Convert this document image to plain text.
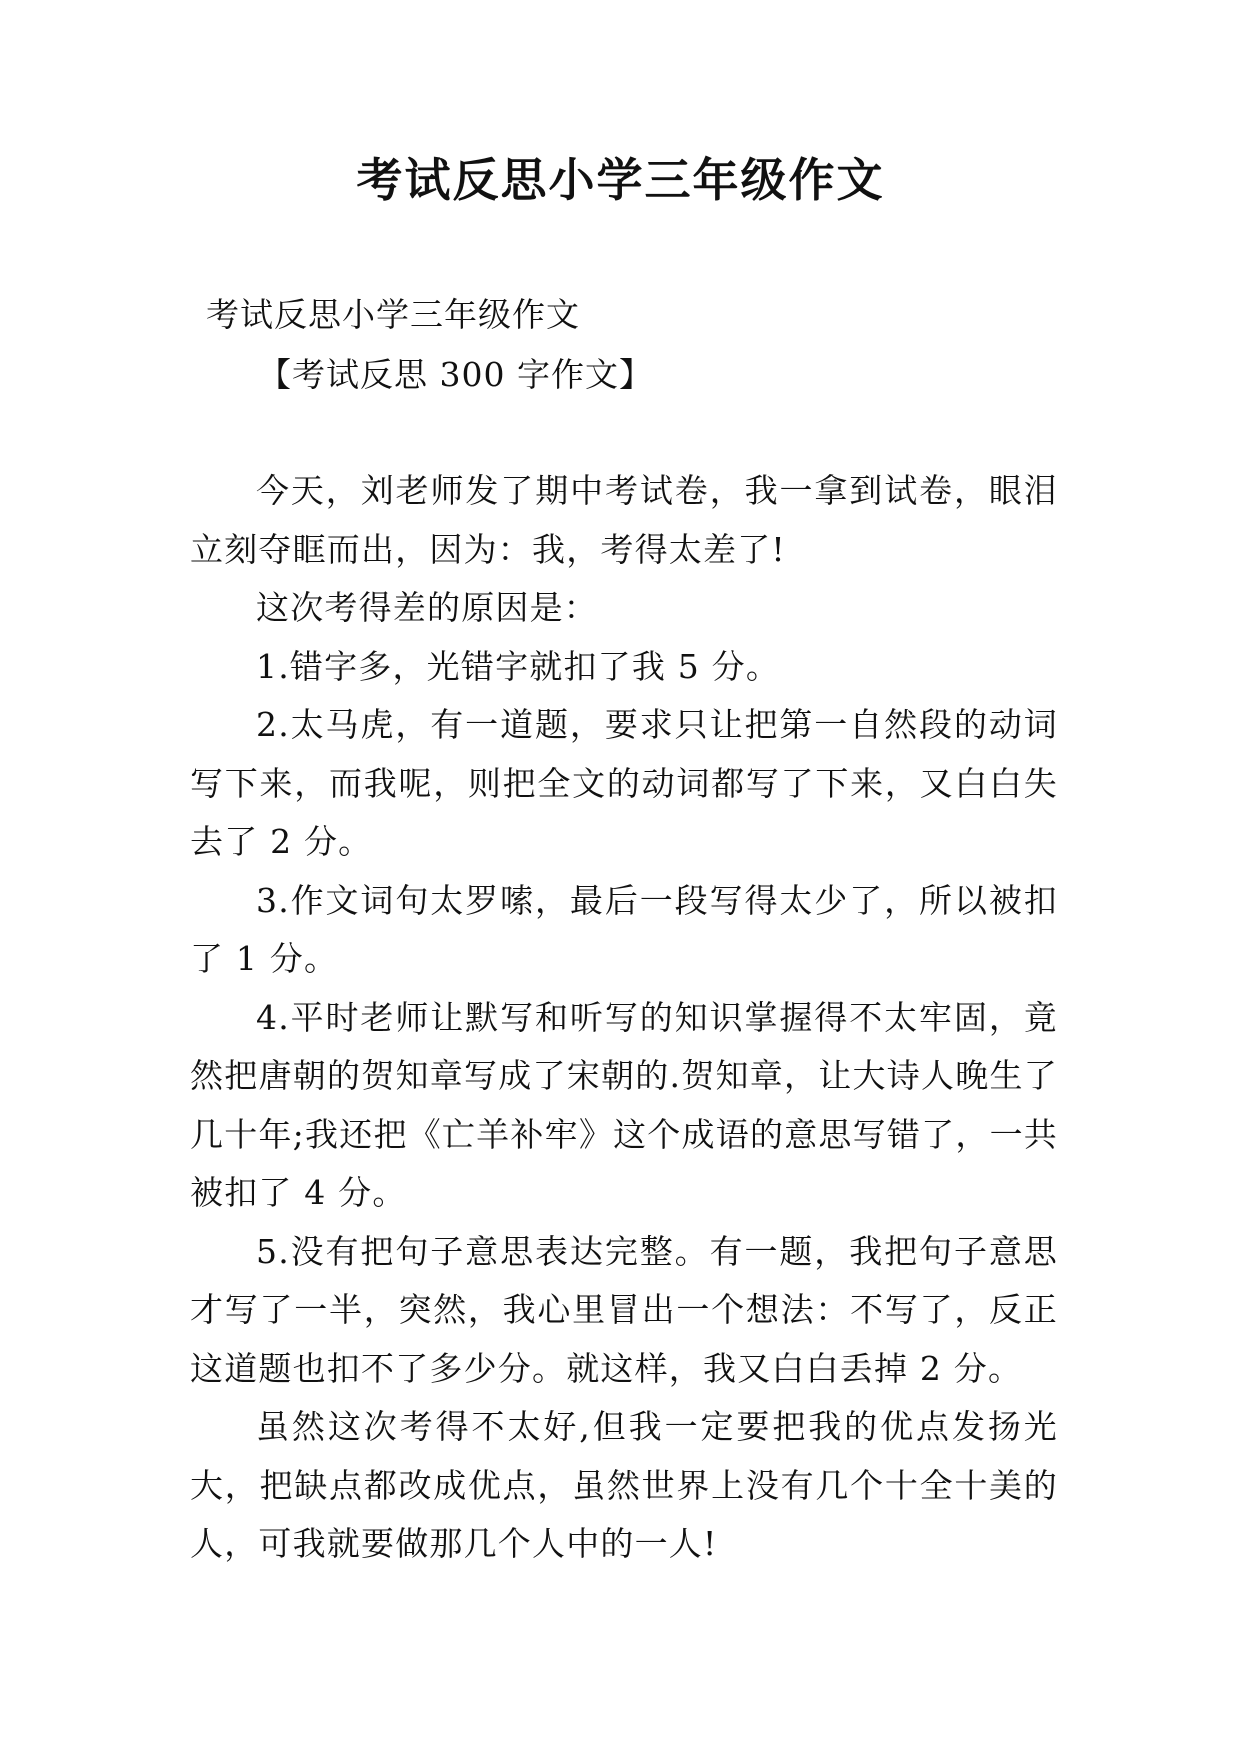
考试反思小学三年级作文

考试反思小学三年级作文

【考试反思 300 字作文】

今天，刘老师发了期中考试卷，我一拿到试卷，眼泪立刻夺眶而出，因为：我，考得太差了!

这次考得差的原因是：

1.错字多，光错字就扣了我 5 分。

2.太马虎，有一道题，要求只让把第一自然段的动词写下来，而我呢，则把全文的动词都写了下来，又白白失去了 2 分。

3.作文词句太罗嗦，最后一段写得太少了，所以被扣了 1 分。

4.平时老师让默写和听写的知识掌握得不太牢固，竟然把唐朝的贺知章写成了宋朝的.贺知章，让大诗人晚生了几十年;我还把《亡羊补牢》这个成语的意思写错了，一共被扣了 4 分。

5.没有把句子意思表达完整。有一题，我把句子意思才写了一半，突然，我心里冒出一个想法：不写了，反正这道题也扣不了多少分。就这样，我又白白丢掉 2 分。

虽然这次考得不太好,但我一定要把我的优点发扬光大，把缺点都改成优点，虽然世界上没有几个十全十美的人，可我就要做那几个人中的一人!
